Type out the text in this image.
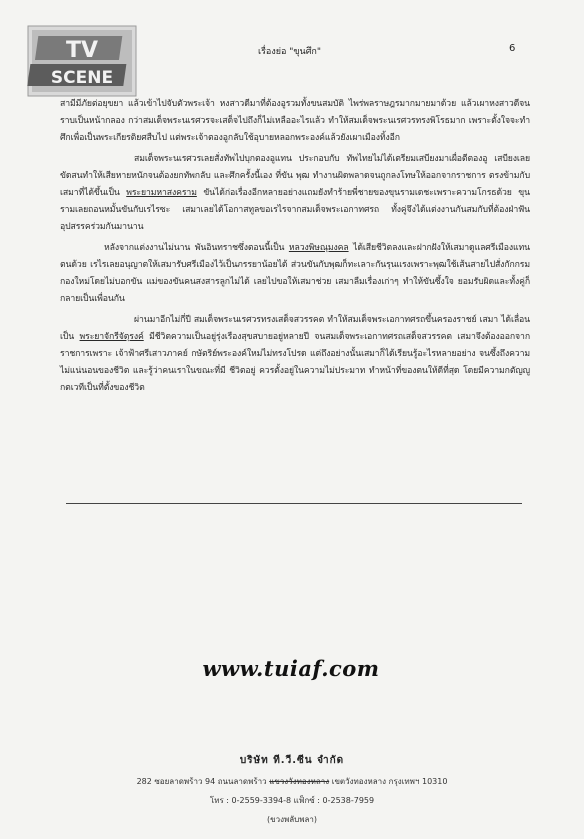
TV
SCENE
เรื่องย่อ "ขุนศึก"	6

สามีมีภัยต่อยุขยา แล้วเข้าไปจับตัวพระเจ้า หงสาวดีมาที่ต้องอูรวมทั้งขนสมบัติ ไพร่พลราษฎรมากมายมาด้วย แล้วเผาหงสาวดีจนราบเป็นหน้ากลอง กว่าสมเด็จพระนเรศวรจะเสด็จไปถึงก็ไม่เหลืออะไรแล้ว ทำให้สมเด็จพระนเรศวรทรงพิโรธมาก เพราะตั้งใจจะทำศึกเพื่อเป็นพระเกียรติยศสืบไป แต่พระเจ้าตองอูกลับใช้อุบายหลอกพระองค์แล้วยังเผาเมืองทิ้งอีก

สมเด็จพระนเรศวรเลยสั่งทัพไปบุกตองอูแทน ประกอบกับ ทัพไทยไม่ได้เตรียมเสบียงมาเผื่อตีตองอู เสบียงเลยขัดสนทำให้เสียหายหนักจนต้องยกทัพกลับ และศึกครั้งนี้เอง ที่ขัน พุฒ ทำงานผิดพลาดจนถูกลงโทษให้ออกจากราชการ ตรงข้ามกับเสมาที่ได้ขึ้นเป็น พระยามหาสงคราม ขันได้ก่อเรื่องอีกหลายอย่างแถมยังทำร้ายพี่ชายของขุนรามเดชะเพราะความโกรธด้วย ขุนรามเลยถอนหมั้นขันกับเรไรซะ เสมาเลยได้โอกาสทูลขอเรไรจากสมเด็จพระเอกาทศรถ ทั้งคู่จึงได้แต่งงานกันสมกับที่ต้องฝ่าฟันอุปสรรคร่วมกันมานาน

หลังจากแต่งงานไม่นาน พันอินทราชซึ่งตอนนี้เป็น หลวงพิษณุมงคล ได้เสียชีวิตลงและฝากฝังให้เสมาดูแลศรีเมืองแทนตนด้วย เรไรเลยอนุญาตให้เสมารับศรีเมืองไว้เป็นภรรยาน้อยได้ ส่วนขันกับพุฒก็ทะเลาะกันรุนแรงเพราะพุฒใช้เส้นสายไปสั่งกักกรมกองใหม่โดยไม่บอกขัน แม่ของขันคนสงสารลูกไม่ได้ เลยไปขอให้เสมาช่วย เสมาลืมเรื่องเก่าๆ ทำให้ขันซึ้งใจ ยอมรับผิดและทั้งคู่ก็กลายเป็นเพื่อนกัน

ผ่านมาอีกไม่กี่ปี สมเด็จพระนเรศวรทรงเสด็จสวรรคต ทำให้สมเด็จพระเอกาทศรถขึ้นครองราชย์ เสมา ได้เลื่อนเป็น พระยาจักรีจัตุรงค์ มีชีวิตความเป็นอยู่รุ่งเรืองสุขสบายอยู่หลายปี จนสมเด็จพระเอกาทศรถเสด็จสวรรคต เสมาจึงต้องออกจากราชการเพราะ เจ้าฟ้าศรีเสาวภาคย์ กษัตริย์พระองค์ใหม่ไม่ทรงโปรด แต่ถึงอย่างนั้นเสมาก็ได้เรียนรู้อะไรหลายอย่าง จนซึ้งถึงความไม่แน่นอนของชีวิต และรู้ว่าคนเราในขณะที่มี ชีวิตอยู่ ควรตั้งอยู่ในความไม่ประมาท ทำหน้าที่ของตนให้ดีที่สุด โดยมีความกตัญญูกตเวทีเป็นที่ตั้งของชีวิต

www.tuiaf.com
บริษัท ที.วี.ซีน จำกัด
282 ซอยลาดพร้าว 94 ถนนลาดพร้าว แขวงวังทองหลาง เขตวังทองหลาง กรุงเทพฯ 10310
โทร : 0-2559-3394-8 แฟ็กซ์ : 0-2538-7959
(ขวงพลับพลา)
